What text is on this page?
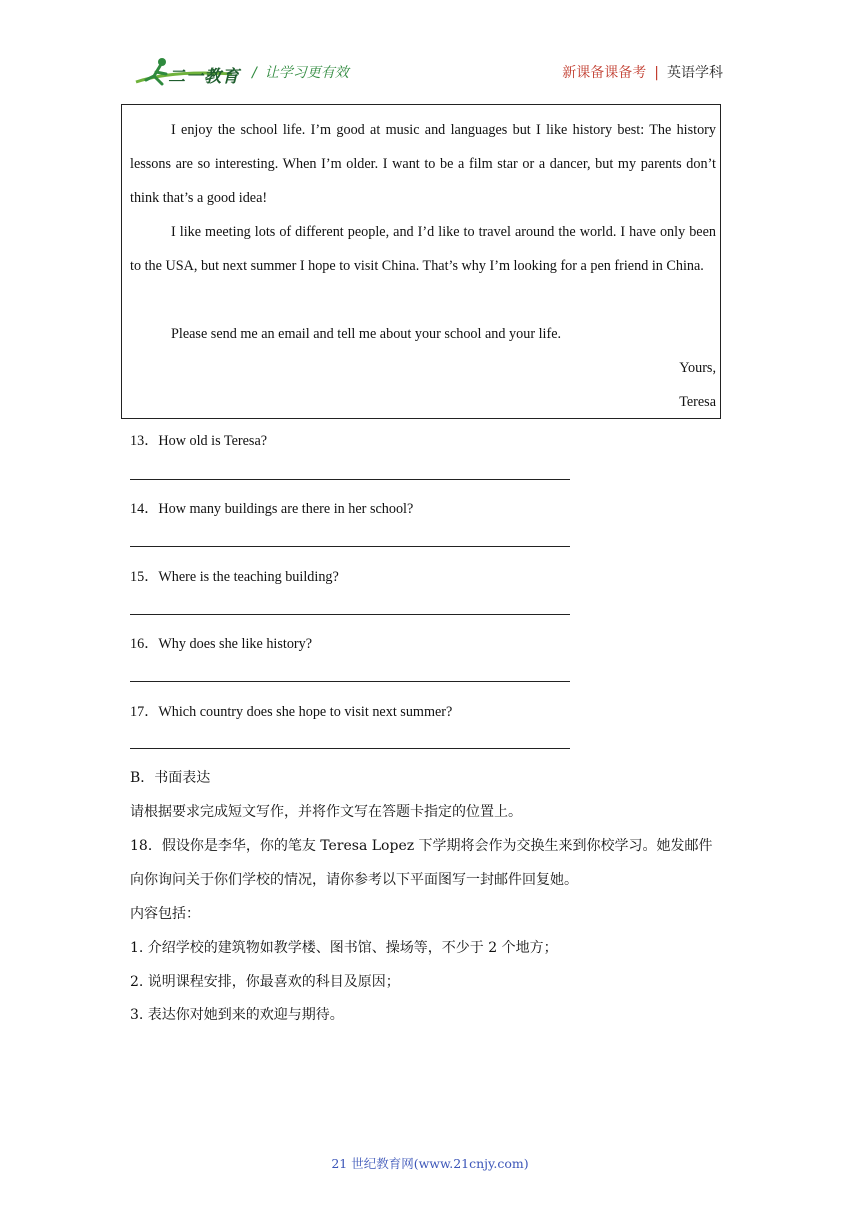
二一教育 / 让学习更有效	新课备课备考 | 英语学科

I enjoy the school life. I’m good at music and languages but I like history best: The history lessons are so interesting. When I’m older. I want to be a film star or a dancer, but my parents don’t think that’s a good idea!

I like meeting lots of different people, and I’d like to travel around the world. I have only been to the USA, but next summer I hope to visit China. That’s why I’m looking for a pen friend in China.

Please send me an email and tell me about your school and your life.

Yours,

Teresa

13．How old is Teresa?
14．How many buildings are there in her school?
15．Where is the teaching building?
16．Why does she like history?
17．Which country does she hope to visit next summer?
B．书面表达
请根据要求完成短文写作，并将作文写在答题卡指定的位置上。
18．假设你是李华，你的笔友 Teresa Lopez 下学期将会作为交换生来到你校学习。她发邮件
向你询问关于你们学校的情况，请你参考以下平面图写一封邮件回复她。
内容包括：
1. 介绍学校的建筑物如教学楼、图书馆、操场等，不少于 2 个地方；
2. 说明课程安排，你最喜欢的科目及原因；
3. 表达你对她到来的欢迎与期待。
21 世纪教育网(www.21cnjy.com)
